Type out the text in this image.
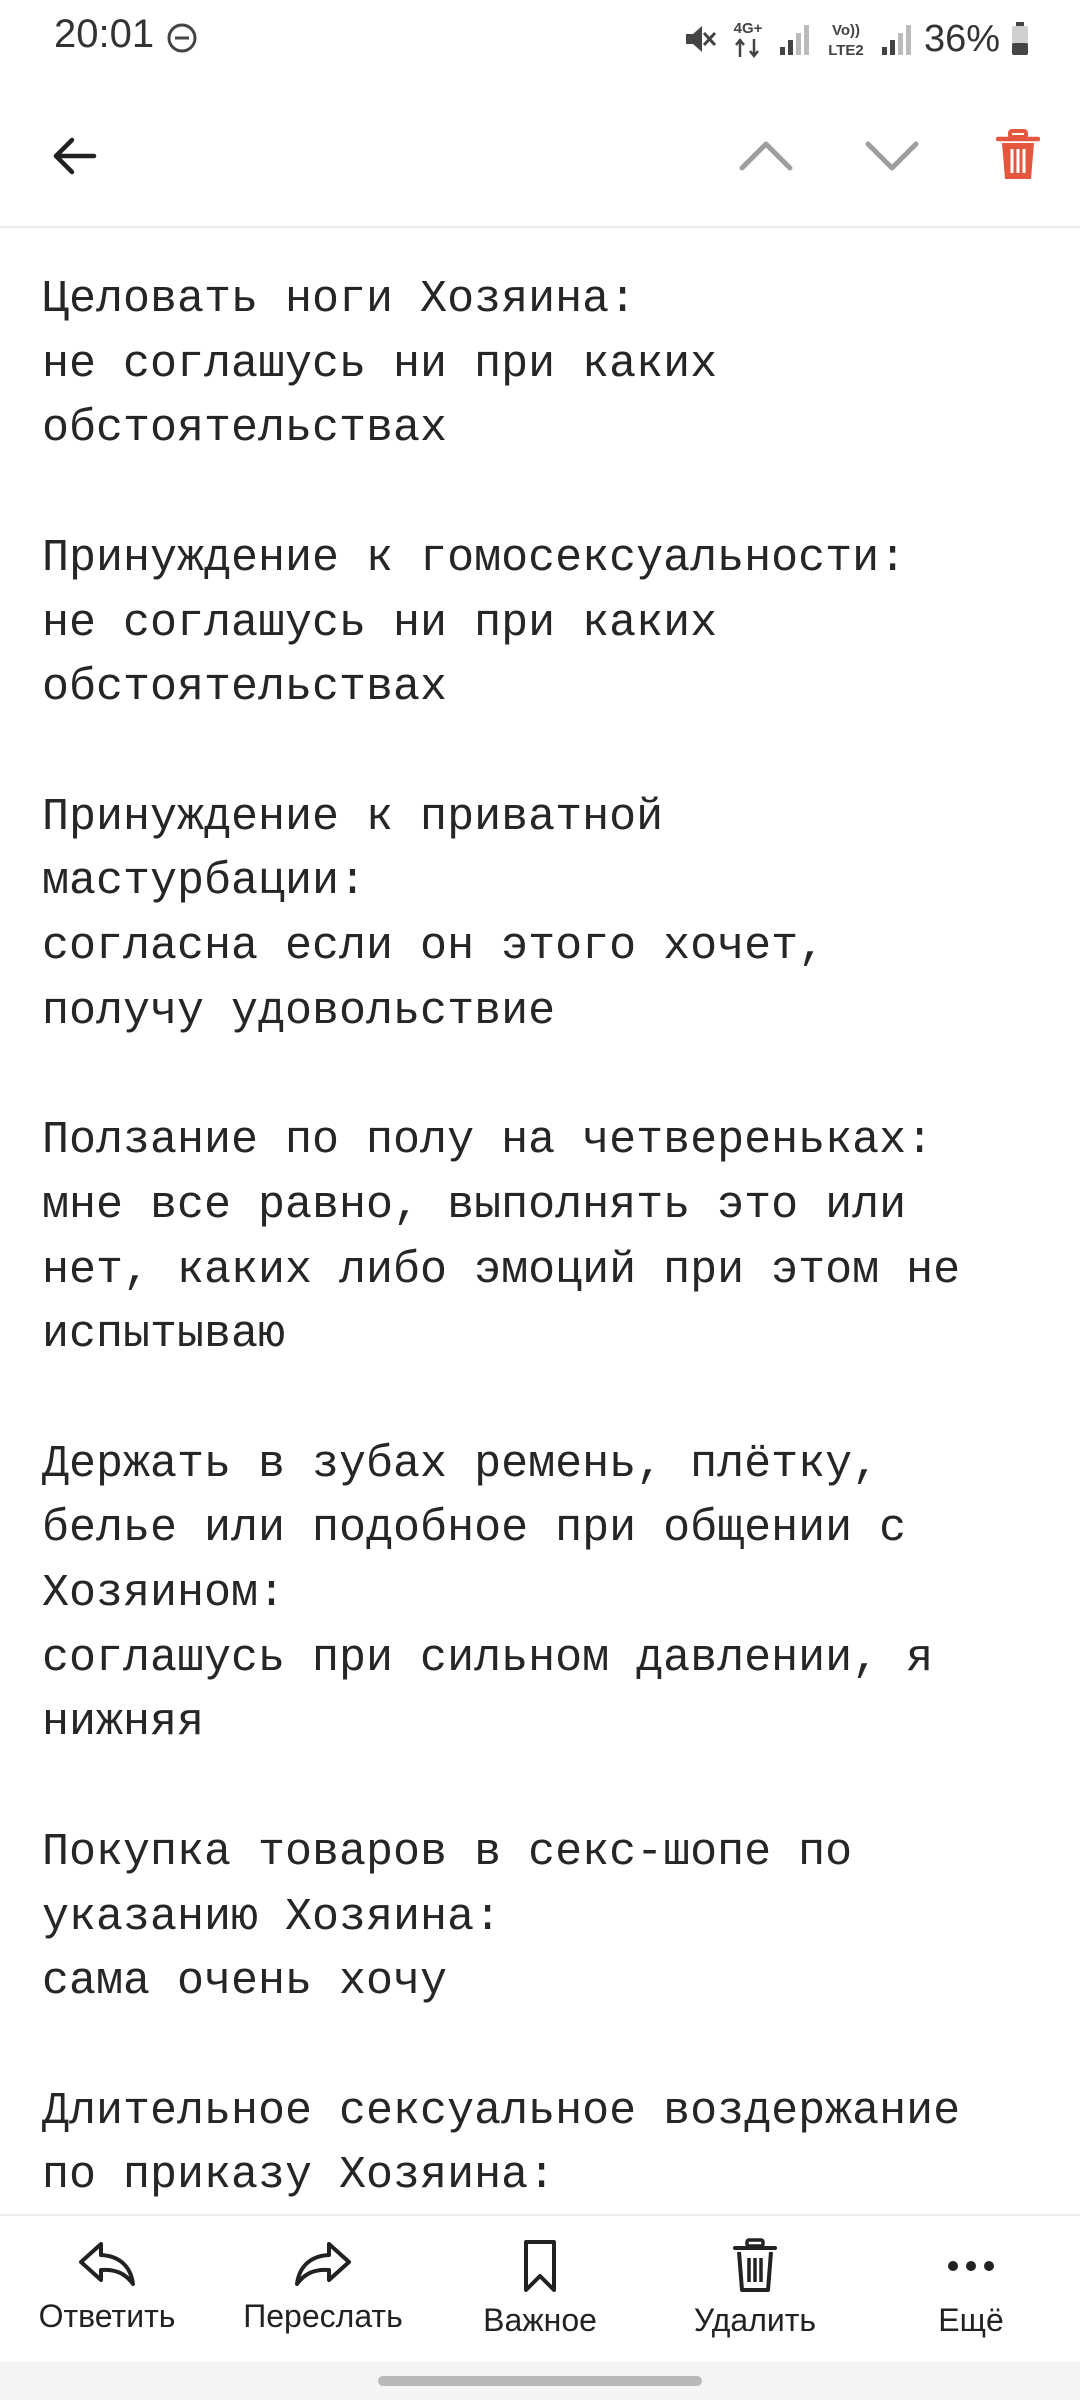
20:01	4G+	Vo))
LTE2 36%
Целовать ноги Хозяина:
не соглашусь ни при каких
обстоятельствах

Принуждение к гомосексуальности:
не соглашусь ни при каких
обстоятельствах

Принуждение к приватной
мастурбации:
согласна если он этого хочет,
получу удовольствие

Ползание по полу на четвереньках:
мне все равно, выполнять это или
нет, каких либо эмоций при этом не
испытываю

Держать в зубах ремень, плётку,
белье или подобное при общении с
Хозяином:
соглашусь при сильном давлении, я
нижняя

Покупка товаров в секс-шопе по
указанию Хозяина:
сама очень хочу

Длительное сексуальное воздержание
по приказу Хозяина:
Ответить Переслать	Важное	Удалить	Ещё
